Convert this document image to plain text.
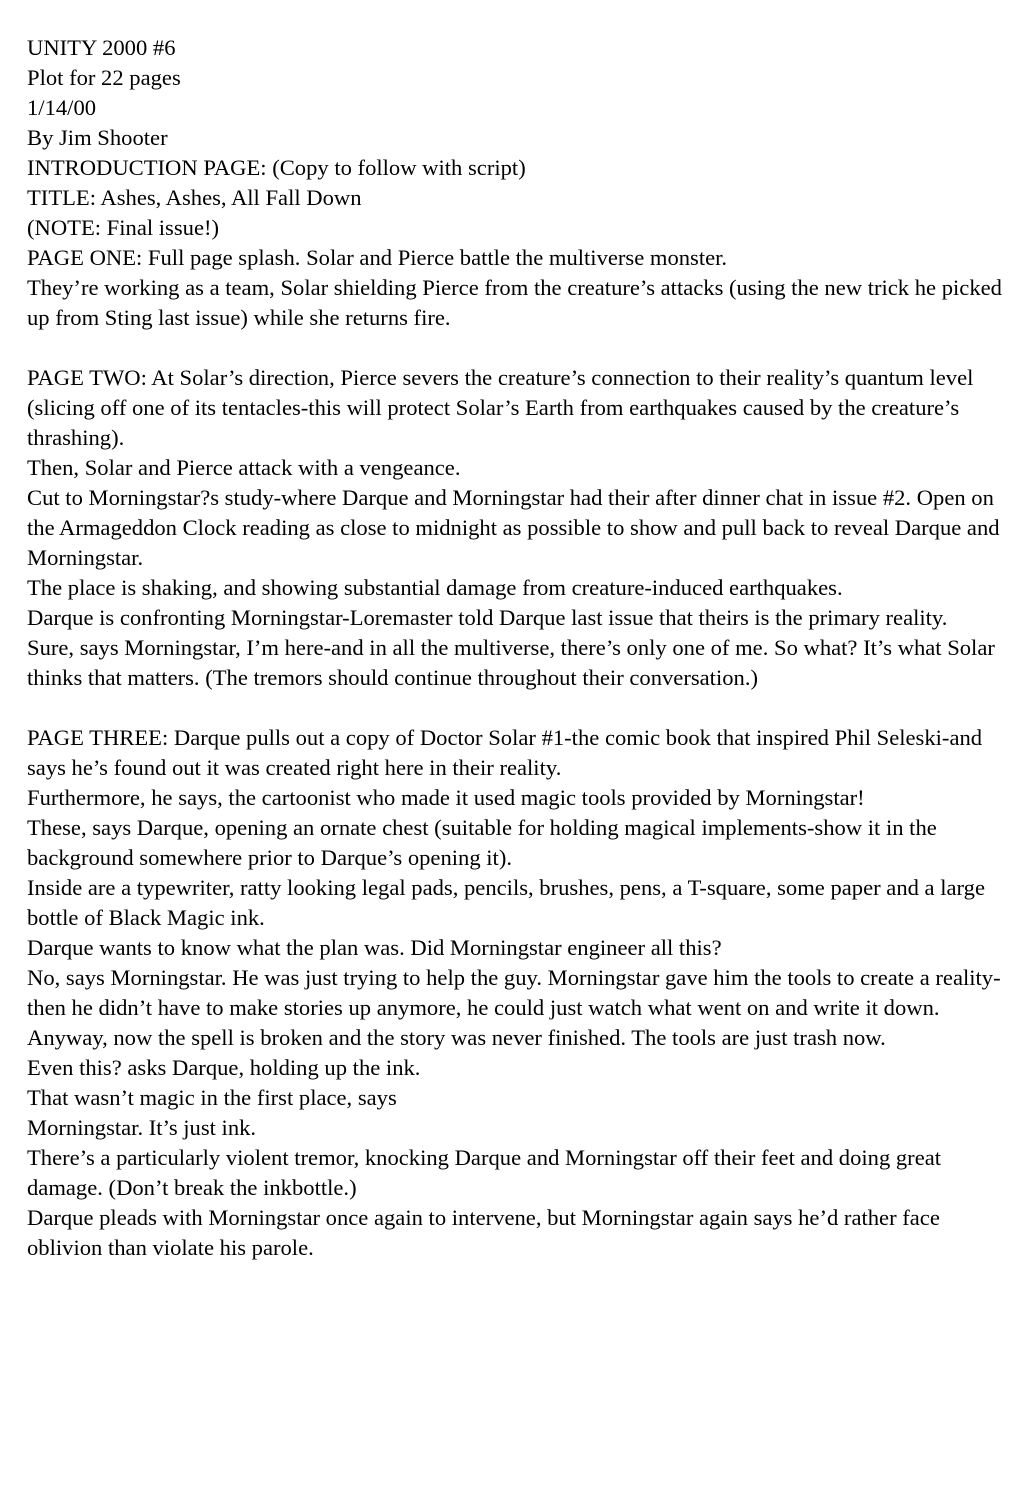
UNITY 2000 #6
Plot for 22 pages
1/14/00
By Jim Shooter
INTRODUCTION PAGE: (Copy to follow with script)
TITLE: Ashes, Ashes, All Fall Down
(NOTE: Final issue!)
PAGE ONE: Full page splash. Solar and Pierce battle the multiverse monster.
They’re working as a team, Solar shielding Pierce from the creature’s attacks (using the new trick he picked up from Sting last issue) while she returns fire.
PAGE TWO: At Solar’s direction, Pierce severs the creature’s connection to their reality’s quantum level (slicing off one of its tentacles-this will protect Solar’s Earth from earthquakes caused by the creature’s thrashing).
Then, Solar and Pierce attack with a vengeance.
Cut to Morningstar?s study-where Darque and Morningstar had their after dinner chat in issue #2. Open on the Armageddon Clock reading as close to midnight as possible to show and pull back to reveal Darque and Morningstar.
The place is shaking, and showing substantial damage from creature-induced earthquakes.
Darque is confronting Morningstar-Loremaster told Darque last issue that theirs is the primary reality.
Sure, says Morningstar, I’m here-and in all the multiverse, there’s only one of me. So what? It’s what Solar thinks that matters. (The tremors should continue throughout their conversation.)
PAGE THREE: Darque pulls out a copy of Doctor Solar #1-the comic book that inspired Phil Seleski-and says he’s found out it was created right here in their reality.
Furthermore, he says, the cartoonist who made it used magic tools provided by Morningstar!
These, says Darque, opening an ornate chest (suitable for holding magical implements-show it in the background somewhere prior to Darque’s opening it).
Inside are a typewriter, ratty looking legal pads, pencils, brushes, pens, a T-square, some paper and a large bottle of Black Magic ink.
Darque wants to know what the plan was. Did Morningstar engineer all this?
No, says Morningstar. He was just trying to help the guy. Morningstar gave him the tools to create a reality-then he didn’t have to make stories up anymore, he could just watch what went on and write it down.
Anyway, now the spell is broken and the story was never finished. The tools are just trash now.
Even this? asks Darque, holding up the ink.
That wasn’t magic in the first place, says
Morningstar. It’s just ink.
There’s a particularly violent tremor, knocking Darque and Morningstar off their feet and doing great damage. (Don’t break the inkbottle.)
Darque pleads with Morningstar once again to intervene, but Morningstar again says he’d rather face oblivion than violate his parole.
